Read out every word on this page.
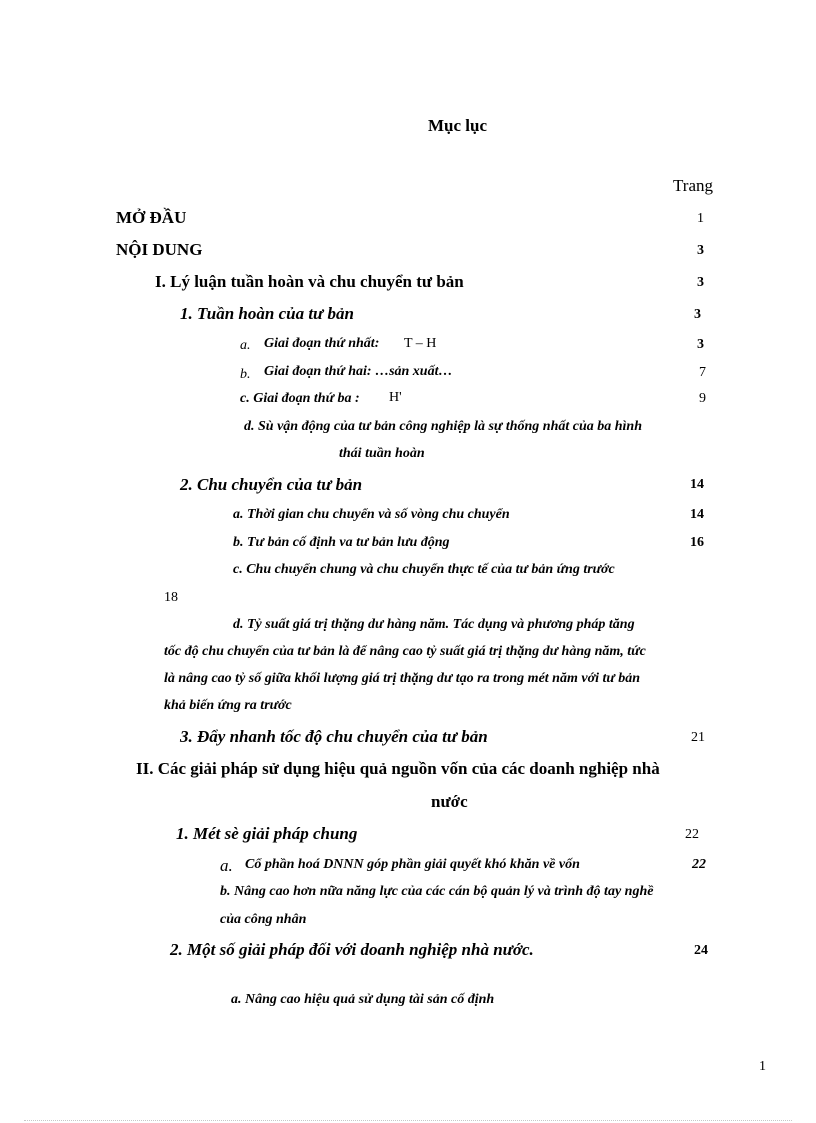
Mục lục
Trang
MỞ ĐẦU	1
NỘI DUNG	3
I. Lý luận tuần hoàn và chu chuyển tư bản	3
1. Tuần hoàn của tư bản	3
a. Giai đoạn thứ nhất: T – H	3
b. Giai đoạn thứ hai: …sản xuất…	7
c. Giai đoạn thứ ba : H'	9
d. Sù vận động của tư bản công nghiệp là sự thống nhất của ba hình
thái tuần hoàn
2. Chu chuyển của tư bản	14
a. Thời gian chu chuyển và số vòng chu chuyển	14
b. Tư bản cố định va tư bản lưu động	16
c. Chu chuyển chung và chu chuyển thực tế của tư bản ứng trước
18
d. Tỷ suất giá trị thặng dư hàng năm. Tác dụng và phương pháp tăng
tốc độ chu chuyển của tư bản là để nâng cao tỷ suất giá trị thặng dư hàng năm, tức
là nâng cao tỷ số giữa khối lượng giá trị thặng dư tạo ra trong mét năm với tư bản
khả biến ứng ra trước
3. Đẩy nhanh tốc độ chu chuyển của tư bản	21
II. Các giải pháp sử dụng hiệu quả nguồn vốn của các doanh nghiệp nhà
nước
1. Mét sè giải pháp chung	22
a. Cổ phần hoá DNNN góp phần giải quyết khó khăn về vốn	22
b. Nâng cao hơn nữa năng lực của các cán bộ quản lý và trình độ tay nghề
của công nhân
2. Một số giải pháp đối với doanh nghiệp nhà nước.	24
a. Nâng cao hiệu quả sử dụng tài sản cố định
1
